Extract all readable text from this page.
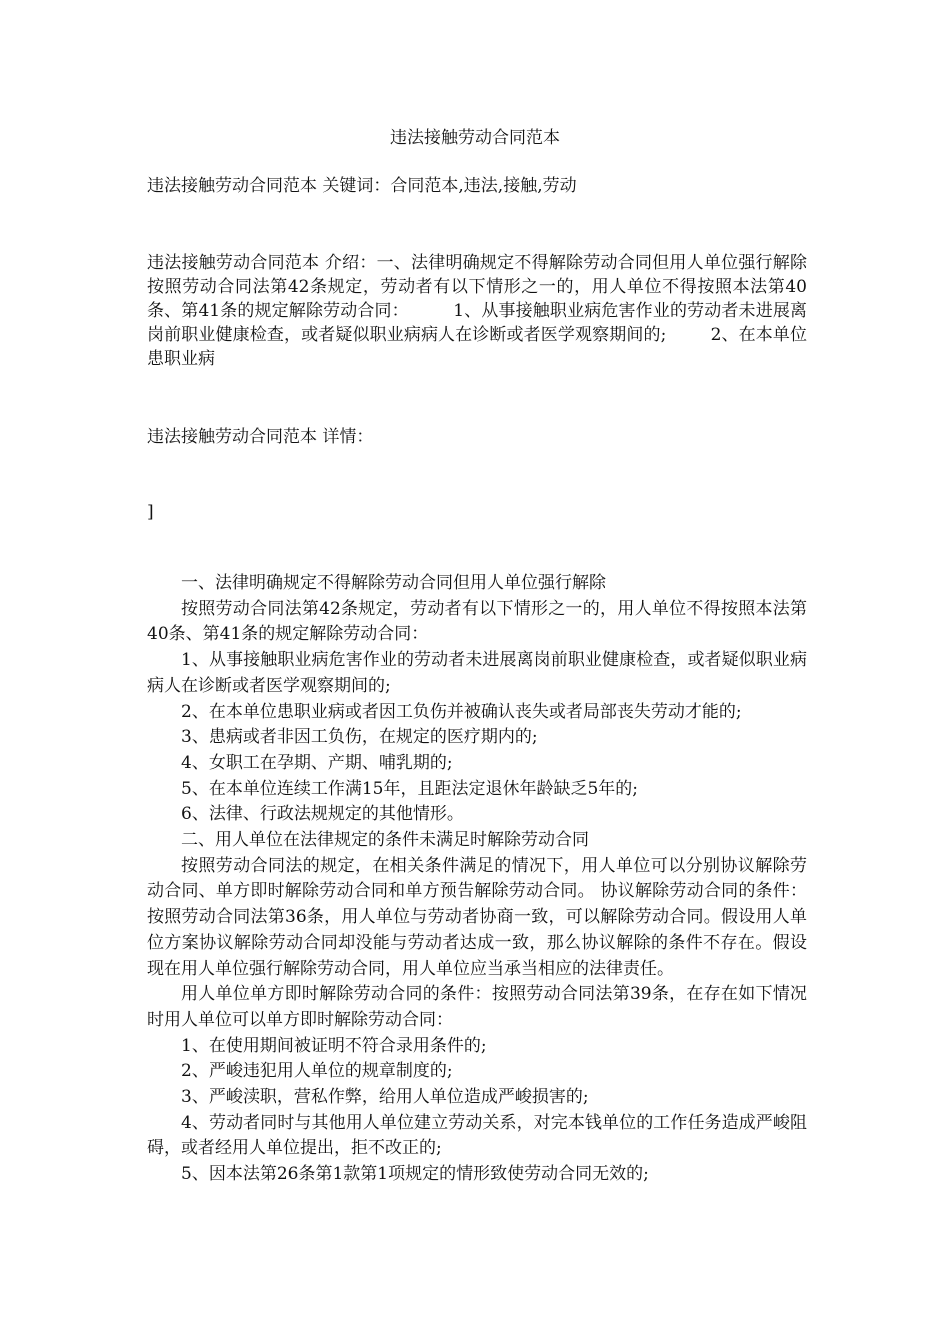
违法接触劳动合同范本
违法接触劳动合同范本 关键词：合同范本,违法,接触,劳动
违法接触劳动合同范本 介绍：一、法律明确规定不得解除劳动合同但用人单位强行解除        按照劳动合同法第42条规定，劳动者有以下情形之一的，用人单位不得按照本法第40条、第41条的规定解除劳动合同：        1、从事接触职业病危害作业的劳动者未进展离岗前职业健康检查，或者疑似职业病病人在诊断或者医学观察期间的;        2、在本单位患职业病
违法接触劳动合同范本 详情：
]

一、法律明确规定不得解除劳动合同但用人单位强行解除

按照劳动合同法第42条规定，劳动者有以下情形之一的，用人单位不得按照本法第40条、第41条的规定解除劳动合同：

1、从事接触职业病危害作业的劳动者未进展离岗前职业健康检查，或者疑似职业病病人在诊断或者医学观察期间的;

2、在本单位患职业病或者因工负伤并被确认丧失或者局部丧失劳动才能的;

3、患病或者非因工负伤，在规定的医疗期内的;

4、女职工在孕期、产期、哺乳期的;

5、在本单位连续工作满15年，且距法定退休年龄缺乏5年的;

6、法律、行政法规规定的其他情形。

二、用人单位在法律规定的条件未满足时解除劳动合同

按照劳动合同法的规定，在相关条件满足的情况下，用人单位可以分别协议解除劳动合同、单方即时解除劳动合同和单方预告解除劳动合同。 协议解除劳动合同的条件：按照劳动合同法第36条，用人单位与劳动者协商一致，可以解除劳动合同。假设用人单位方案协议解除劳动合同却没能与劳动者达成一致，那么协议解除的条件不存在。假设现在用人单位强行解除劳动合同，用人单位应当承当相应的法律责任。

用人单位单方即时解除劳动合同的条件：按照劳动合同法第39条，在存在如下情况时用人单位可以单方即时解除劳动合同：

1、在使用期间被证明不符合录用条件的;

2、严峻违犯用人单位的规章制度的;

3、严峻渎职，营私作弊，给用人单位造成严峻损害的;

4、劳动者同时与其他用人单位建立劳动关系，对完本钱单位的工作任务造成严峻阻碍，或者经用人单位提出，拒不改正的;

5、因本法第26条第1款第1项规定的情形致使劳动合同无效的;
